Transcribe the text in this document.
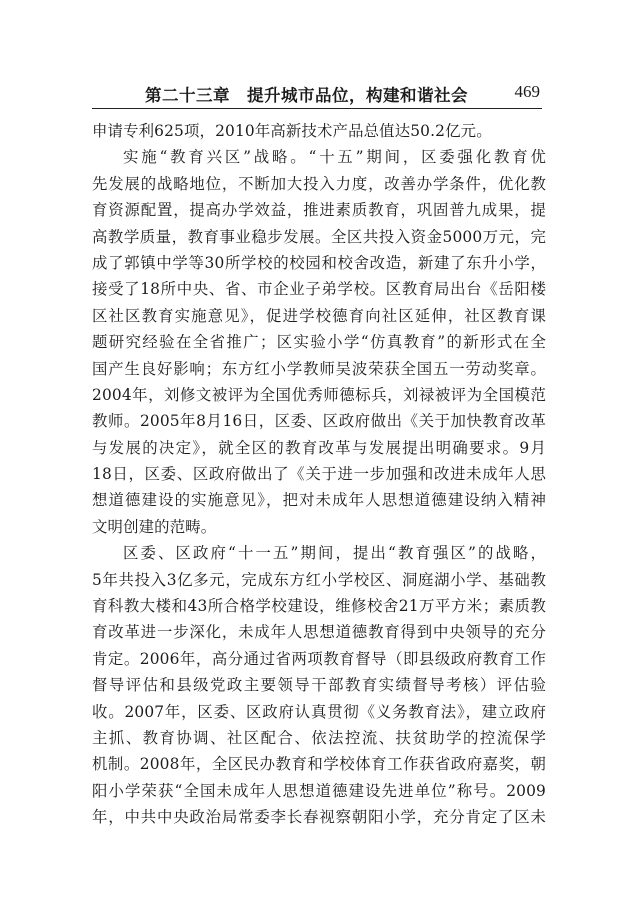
第二十三章　提升城市品位，构建和谐社会	469
申请专利625项，2010年高新技术产品总值达50.2亿元。
实施“教育兴区”战略。“十五”期间，区委强化教育优
先发展的战略地位，不断加大投入力度，改善办学条件，优化教
育资源配置，提高办学效益，推进素质教育，巩固普九成果，提
高教学质量，教育事业稳步发展。全区共投入资金5000万元，完
成了郭镇中学等30所学校的校园和校舍改造，新建了东升小学，
接受了18所中央、省、市企业子弟学校。区教育局出台《岳阳楼
区社区教育实施意见》，促进学校德育向社区延伸，社区教育课
题研究经验在全省推广；区实验小学“仿真教育”的新形式在全
国产生良好影响；东方红小学教师吴波荣获全国五一劳动奖章。
2004年，刘修文被评为全国优秀师德标兵，刘禄被评为全国模范
教师。2005年8月16日，区委、区政府做出《关于加快教育改革
与发展的决定》，就全区的教育改革与发展提出明确要求。9月
18日，区委、区政府做出了《关于进一步加强和改进未成年人思
想道德建设的实施意见》，把对未成年人思想道德建设纳入精神
文明创建的范畴。
区委、区政府“十一五”期间，提出“教育强区”的战略，
5年共投入3亿多元，完成东方红小学校区、洞庭湖小学、基础教
育科教大楼和43所合格学校建设，维修校舍21万平方米；素质教
育改革进一步深化，未成年人思想道德教育得到中央领导的充分
肯定。2006年，高分通过省两项教育督导（即县级政府教育工作
督导评估和县级党政主要领导干部教育实绩督导考核）评估验
收。2007年，区委、区政府认真贯彻《义务教育法》，建立政府
主抓、教育协调、社区配合、依法控流、扶贫助学的控流保学
机制。2008年，全区民办教育和学校体育工作获省政府嘉奖，朝
阳小学荣获“全国未成年人思想道德建设先进单位”称号。2009
年，中共中央政治局常委李长春视察朝阳小学，充分肯定了区未
